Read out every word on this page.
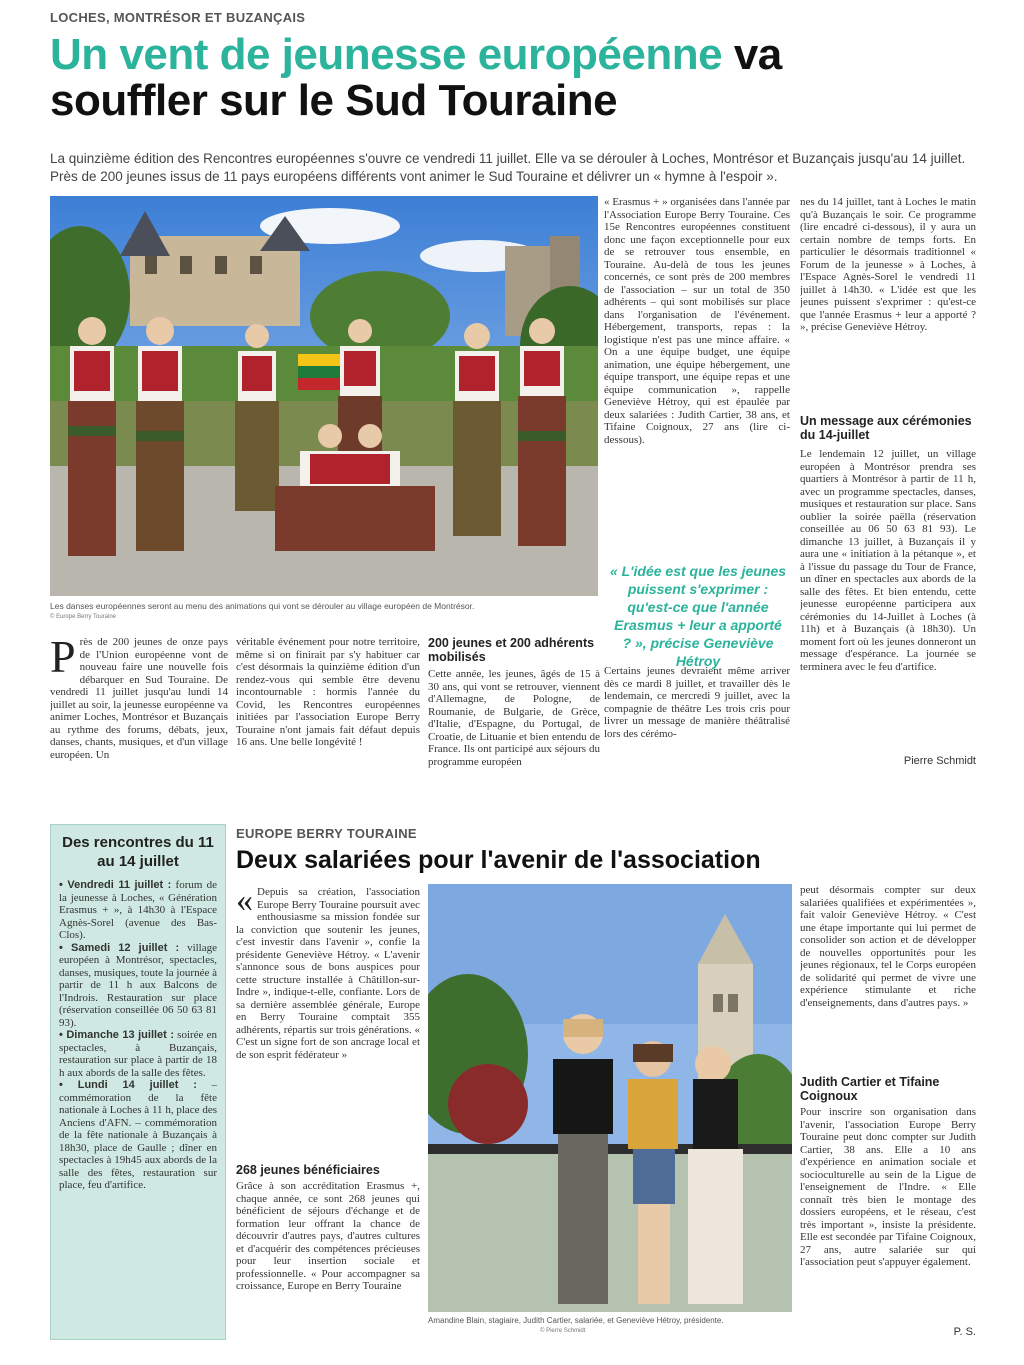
LOCHES, MONTRÉSOR ET BUZANÇAIS
Un vent de jeunesse européenne va
souffler sur le Sud Touraine
La quinzième édition des Rencontres européennes s'ouvre ce vendredi 11 juillet. Elle va se dérouler à Loches, Montrésor et Buzançais jusqu'au 14 juillet. Près de 200 jeunes issus de 11 pays européens différents vont animer le Sud Touraine et délivrer un « hymne à l'espoir ».
Les danses européennes seront au menu des animations qui vont se dérouler au village européen de Montrésor.
© Europe Berry Touraine

« Erasmus + » organisées dans l'année par l'Association Europe Berry Touraine. Ces 15e Rencontres européennes constituent donc une façon exceptionnelle pour eux de se retrouver tous ensemble, en Touraine. Au-delà de tous les jeunes concernés, ce sont près de 200 membres de l'association – sur un total de 350 adhérents – qui sont mobilisés sur place dans l'organisation de l'événement. Hébergement, transports, repas : la logistique n'est pas une mince affaire. « On a une équipe budget, une équipe animation, une équipe hébergement, une équipe transport, une équipe repas et une équipe communication », rappelle Geneviève Hétroy, qui est épaulée par deux salariées : Judith Cartier, 38 ans, et Tifaine Coignoux, 27 ans (lire ci-dessous).

« L'idée est que les jeunes puissent s'exprimer : qu'est-ce que l'année Erasmus + leur a apporté ? », précise Geneviève Hétroy

Certains jeunes devraient même arriver dès ce mardi 8 juillet, et travailler dès le lendemain, ce mercredi 9 juillet, avec la compagnie de théâtre Les trois cris pour livrer un message de manière théâtralisé lors des cérémo-

nes du 14 juillet, tant à Loches le matin qu'à Buzançais le soir. Ce programme (lire encadré ci-dessous), il y aura un certain nombre de temps forts. En particulier le désormais traditionnel « Forum de la jeunesse » à Loches, à l'Espace Agnès-Sorel le vendredi 11 juillet à 14h30. « L'idée est que les jeunes puissent s'exprimer : qu'est-ce que l'année Erasmus + leur a apporté ? », précise Geneviève Hétroy.

Un message aux cérémonies du 14-juillet

Le lendemain 12 juillet, un village européen à Montrésor prendra ses quartiers à Montrésor à partir de 11 h, avec un programme spectacles, danses, musiques et restauration sur place. Sans oublier la soirée paëlla (réservation conseillée au 06 50 63 81 93). Le dimanche 13 juillet, à Buzançais il y aura une « initiation à la pétanque », et à l'issue du passage du Tour de France, un dîner en spectacles aux abords de la salle des fêtes. Et bien entendu, cette jeunesse européenne participera aux cérémonies du 14-Juillet à Loches (à 11h) et à Buzançais (à 18h30). Un moment fort où les jeunes donneront un message d'espérance. La journée se terminera avec le feu d'artifice.

Pierre Schmidt
P rès de 200 jeunes de onze pays de l'Union européenne vont de nouveau faire une nouvelle fois débarquer en Sud Touraine. De vendredi 11 juillet jusqu'au lundi 14 juillet au soir, la jeunesse européenne va animer Loches, Montrésor et Buzançais au rythme des forums, débats, jeux, danses, chants, musiques, et d'un village européen. Un

véritable événement pour notre territoire, même si on finirait par s'y habituer car c'est désormais la quinzième édition d'un rendez-vous qui semble être devenu incontournable : hormis l'année du Covid, les Rencontres européennes initiées par l'association Europe Berry Touraine n'ont jamais fait défaut depuis 16 ans. Une belle longévité !

200 jeunes et 200 adhérents mobilisés

Cette année, les jeunes, âgés de 15 à 30 ans, qui vont se retrouver, viennent d'Allemagne, de Pologne, de Roumanie, de Bulgarie, de Grèce, d'Italie, d'Espagne, du Portugal, de Croatie, de Lituanie et bien entendu de France. Ils ont participé aux séjours du programme européen

Des rencontres du 11 au 14 juillet

• Vendredi 11 juillet : forum de la jeunesse à Loches, « Génération Erasmus + », à 14h30 à l'Espace Agnès-Sorel (avenue des Bas-Clos).

• Samedi 12 juillet : village européen à Montrésor, spectacles, danses, musiques, toute la journée à partir de 11 h aux Balcons de l'Indrois. Restauration sur place (réservation conseillée 06 50 63 81 93).

• Dimanche 13 juillet : soirée en spectacles, à Buzançais, restauration sur place à partir de 18 h aux abords de la salle des fêtes.

• Lundi 14 juillet : – commémoration de la fête nationale à Loches à 11 h, place des Anciens d'AFN. – commémoration de la fête nationale à Buzançais à 18h30, place de Gaulle ; dîner en spectacles à 19h45 aux abords de la salle des fêtes, restauration sur place, feu d'artifice.

EUROPE BERRY TOURAINE
Deux salariées pour l'avenir de l'association
« Depuis sa création, l'association Europe Berry Touraine poursuit avec enthousiasme sa mission fondée sur la conviction que soutenir les jeunes, c'est investir dans l'avenir », confie la présidente Geneviève Hétroy. « L'avenir s'annonce sous de bons auspices pour cette structure installée à Châtillon-sur-Indre », indique-t-elle, confiante. Lors de sa dernière assemblée générale, Europe en Berry Touraine comptait 355 adhérents, répartis sur trois générations. « C'est un signe fort de son ancrage local et de son esprit fédérateur »

268 jeunes bénéficiaires

Grâce à son accréditation Erasmus +, chaque année, ce sont 268 jeunes qui bénéficient de séjours d'échange et de formation leur offrant la chance de découvrir d'autres pays, d'autres cultures et d'acquérir des compétences précieuses pour leur insertion sociale et professionnelle. « Pour accompagner sa croissance, Europe en Berry Touraine

Amandine Blain, stagiaire, Judith Cartier, salariée, et Geneviève Hétroy, présidente.
© Pierre Schmidt

peut désormais compter sur deux salariées qualifiées et expérimentées », fait valoir Geneviève Hétroy. « C'est une étape importante qui lui permet de consolider son action et de développer de nouvelles opportunités pour les jeunes régionaux, tel le Corps européen de solidarité qui permet de vivre une expérience stimulante et riche d'enseignements, dans d'autres pays. »

Judith Cartier et Tifaine Coignoux

Pour inscrire son organisation dans l'avenir, l'association Europe Berry Touraine peut donc compter sur Judith Cartier, 38 ans. Elle a 10 ans d'expérience en animation sociale et socioculturelle au sein de la Ligue de l'enseignement de l'Indre. « Elle connaît très bien le montage des dossiers européens, et le réseau, c'est très important », insiste la présidente. Elle est secondée par Tifaine Coignoux, 27 ans, autre salariée sur qui l'association peut s'appuyer également.

P. S.
